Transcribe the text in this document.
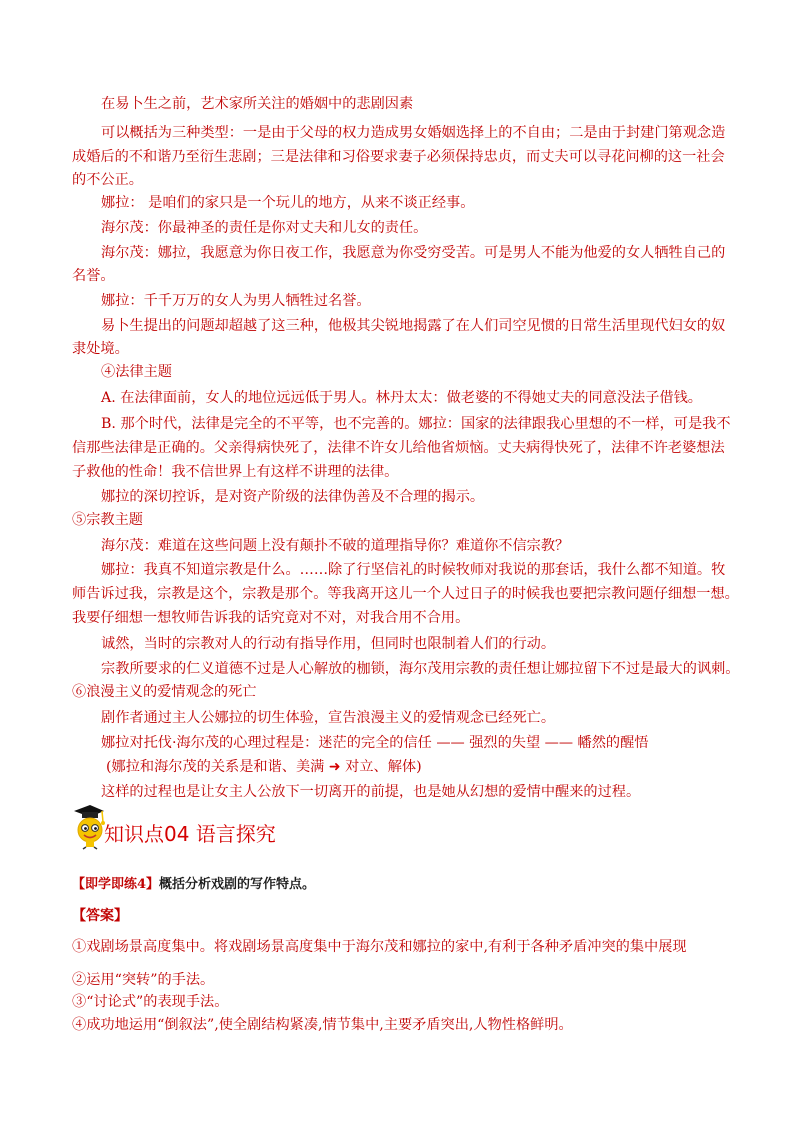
在易卜生之前，艺术家所关注的婚姻中的悲剧因素
可以概括为三种类型：一是由于父母的权力造成男女婚姻选择上的不自由；二是由于封建门第观念造
成婚后的不和谐乃至衍生悲剧；三是法律和习俗要求妻子必须保持忠贞，而丈夫可以寻花问柳的这一社会
的不公正。
娜拉： 是咱们的家只是一个玩儿的地方，从来不谈正经事。
海尔茂：你最神圣的责任是你对丈夫和儿女的责任。
海尔茂：娜拉，我愿意为你日夜工作，我愿意为你受穷受苦。可是男人不能为他爱的女人牺牲自己的
名誉。
娜拉：千千万万的女人为男人牺牲过名誉。
易卜生提出的问题却超越了这三种，他极其尖锐地揭露了在人们司空见惯的日常生活里现代妇女的奴
隶处境。
④法律主题
A. 在法律面前，女人的地位远远低于男人。林丹太太：做老婆的不得她丈夫的同意没法子借钱。
B. 那个时代，法律是完全的不平等，也不完善的。娜拉：国家的法律跟我心里想的不一样，可是我不
信那些法律是正确的。父亲得病快死了，法律不许女儿给他省烦恼。丈夫病得快死了，法律不许老婆想法
子救他的性命！我不信世界上有这样不讲理的法律。
娜拉的深切控诉，是对资产阶级的法律伪善及不合理的揭示。
⑤宗教主题
海尔茂：难道在这些问题上没有颠扑不破的道理指导你？难道你不信宗教？
娜拉：我真不知道宗教是什么。……除了行坚信礼的时候牧师对我说的那套话，我什么都不知道。牧
师告诉过我，宗教是这个，宗教是那个。等我离开这儿一个人过日子的时候我也要把宗教问题仔细想一想。
我要仔细想一想牧师告诉我的话究竟对不对，对我合用不合用。
诚然，当时的宗教对人的行动有指导作用，但同时也限制着人们的行动。
宗教所要求的仁义道德不过是人心解放的枷锁，海尔茂用宗教的责任想让娜拉留下不过是最大的讽刺。
⑥浪漫主义的爱情观念的死亡
剧作者通过主人公娜拉的切生体验，宣告浪漫主义的爱情观念已经死亡。
娜拉对托伐·海尔茂的心理过程是：迷茫的完全的信任 —— 强烈的失望 —— 幡然的醒悟
(娜拉和海尔茂的关系是和谐、美满 ➜ 对立、解体)
这样的过程也是让女主人公放下一切离开的前提，也是她从幻想的爱情中醒来的过程。
知识点04 语言探究
【即学即练4】概括分析戏剧的写作特点。
【答案】
①戏剧场景高度集中。将戏剧场景高度集中于海尔茂和娜拉的家中,有利于各种矛盾冲突的集中展现
②运用“突转”的手法。
③“讨论式”的表现手法。
④成功地运用“倒叙法”,使全剧结构紧凑,情节集中,主要矛盾突出,人物性格鲜明。
